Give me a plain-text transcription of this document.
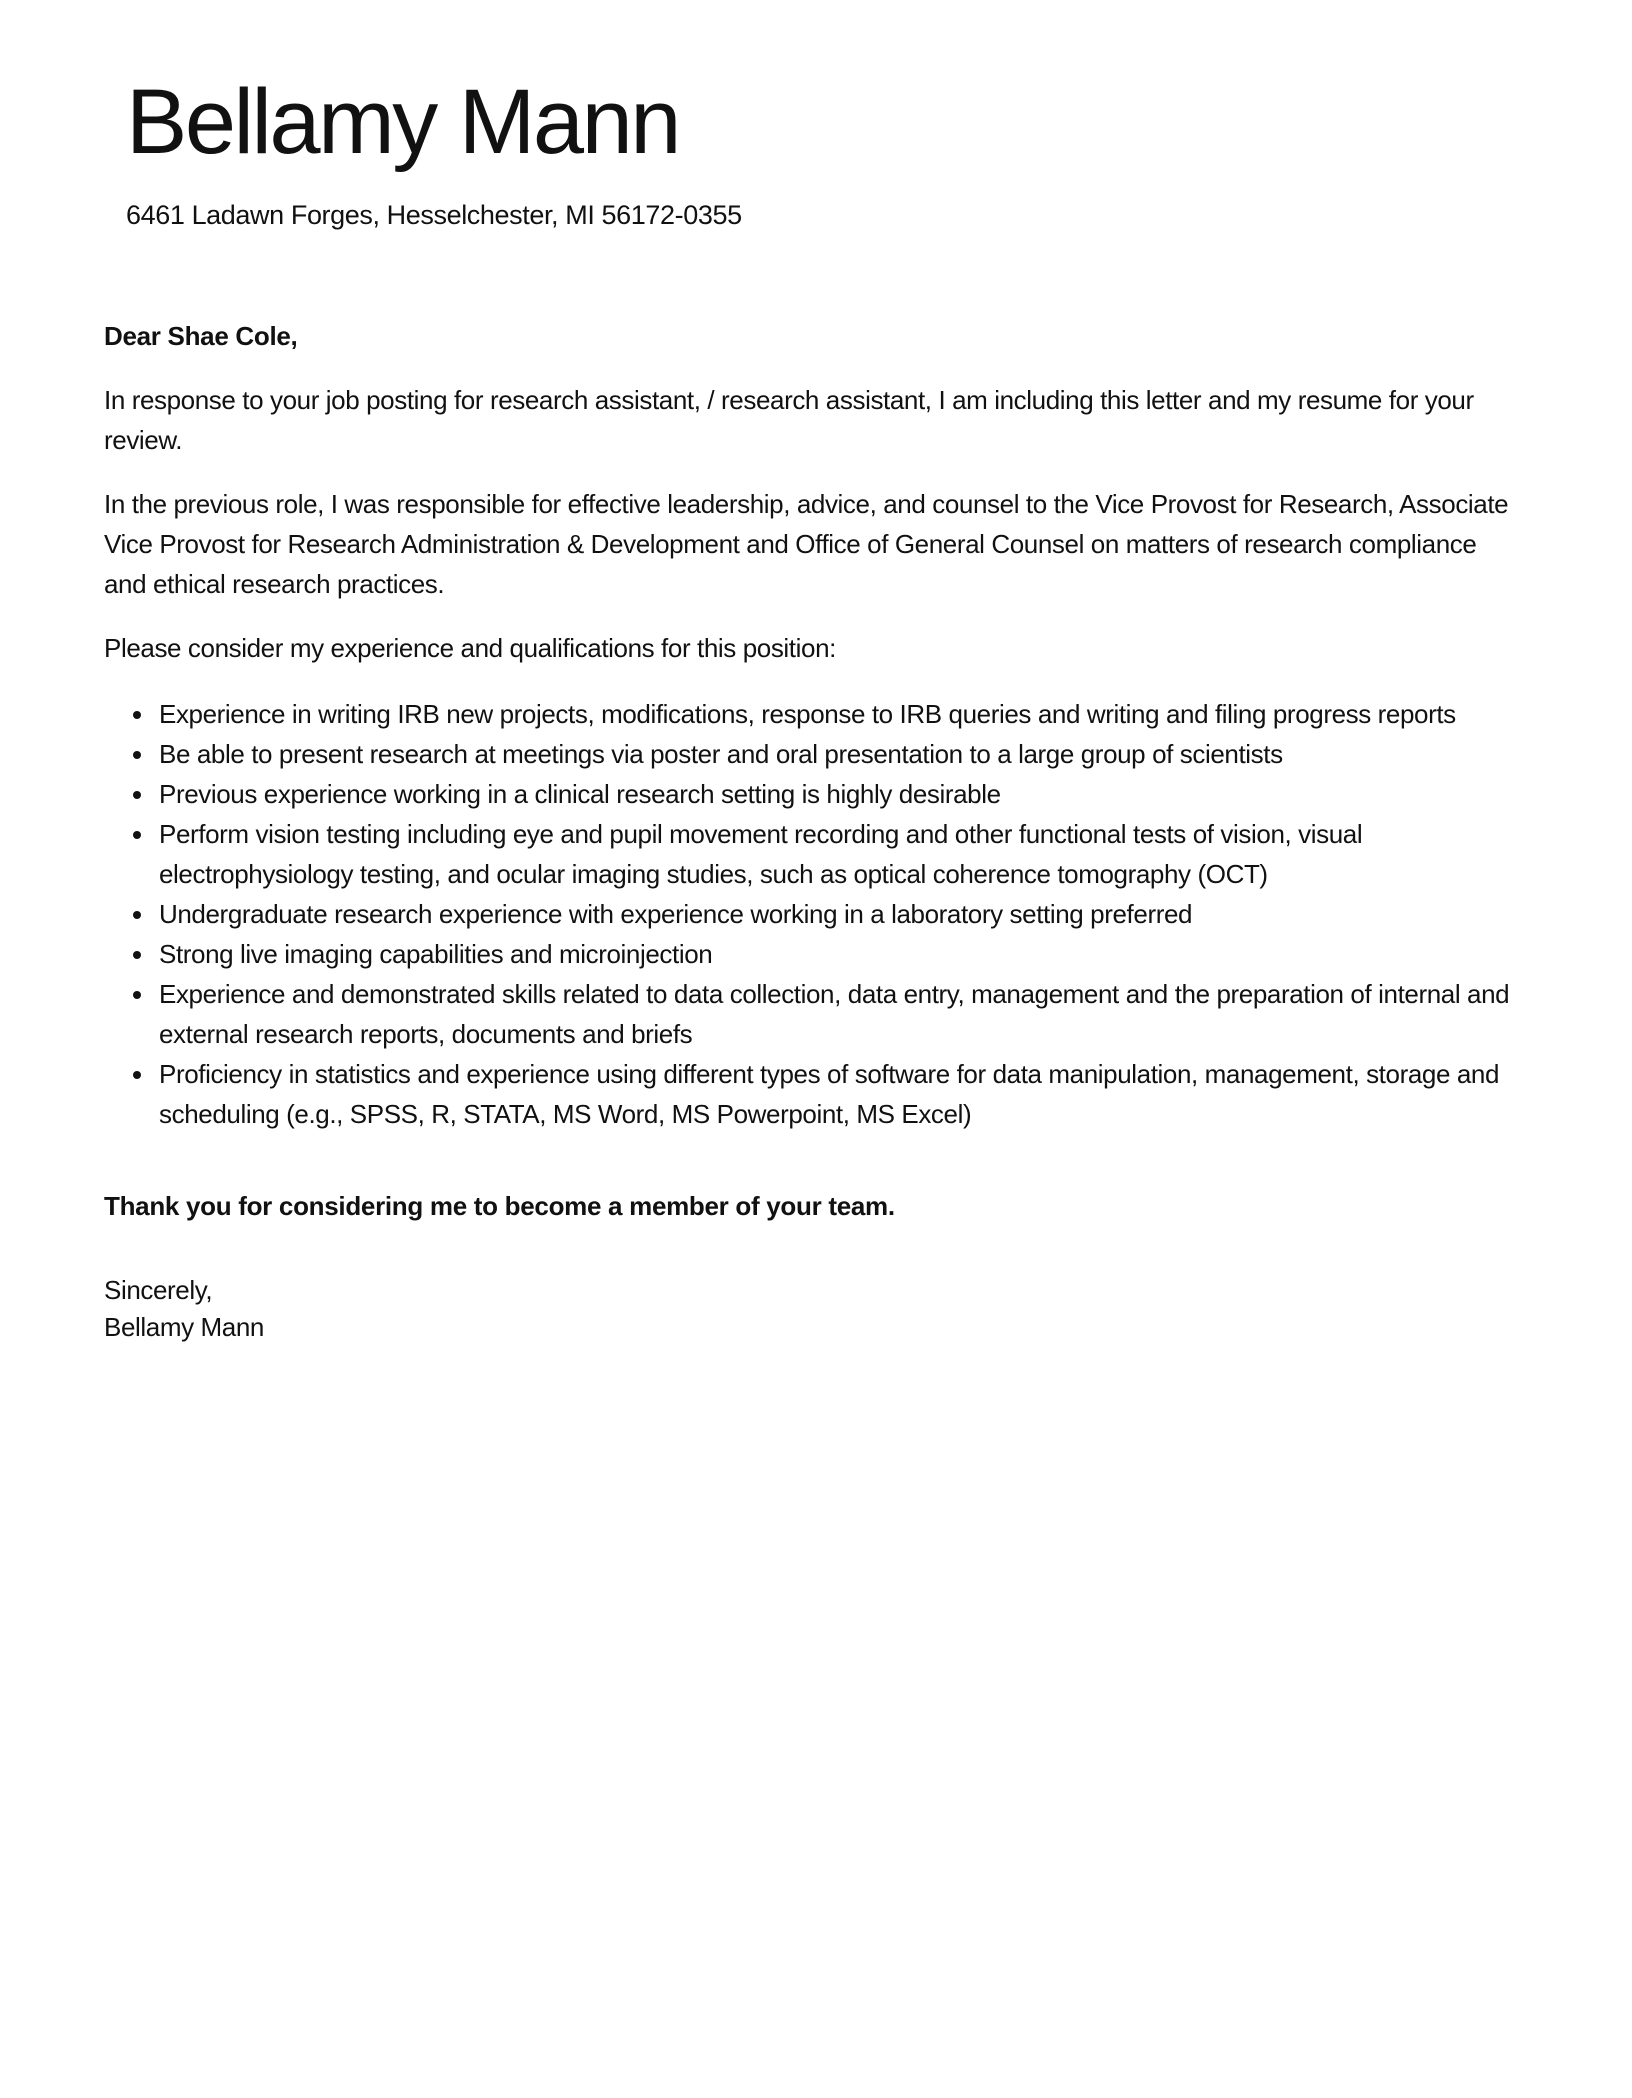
Bellamy Mann
6461 Ladawn Forges, Hesselchester, MI 56172-0355
Dear Shae Cole,

In response to your job posting for research assistant, / research assistant, I am including this letter and my resume for your review.

In the previous role, I was responsible for effective leadership, advice, and counsel to the Vice Provost for Research, Associate Vice Provost for Research Administration & Development and Office of General Counsel on matters of research compliance and ethical research practices.

Please consider my experience and qualifications for this position:

• Experience in writing IRB new projects, modifications, response to IRB queries and writing and filing progress reports
• Be able to present research at meetings via poster and oral presentation to a large group of scientists
• Previous experience working in a clinical research setting is highly desirable
• Perform vision testing including eye and pupil movement recording and other functional tests of vision, visual electrophysiology testing, and ocular imaging studies, such as optical coherence tomography (OCT)
• Undergraduate research experience with experience working in a laboratory setting preferred
• Strong live imaging capabilities and microinjection
• Experience and demonstrated skills related to data collection, data entry, management and the preparation of internal and external research reports, documents and briefs
• Proficiency in statistics and experience using different types of software for data manipulation, management, storage and scheduling (e.g., SPSS, R, STATA, MS Word, MS Powerpoint, MS Excel)
Thank you for considering me to become a member of your team.
Sincerely,
Bellamy Mann
